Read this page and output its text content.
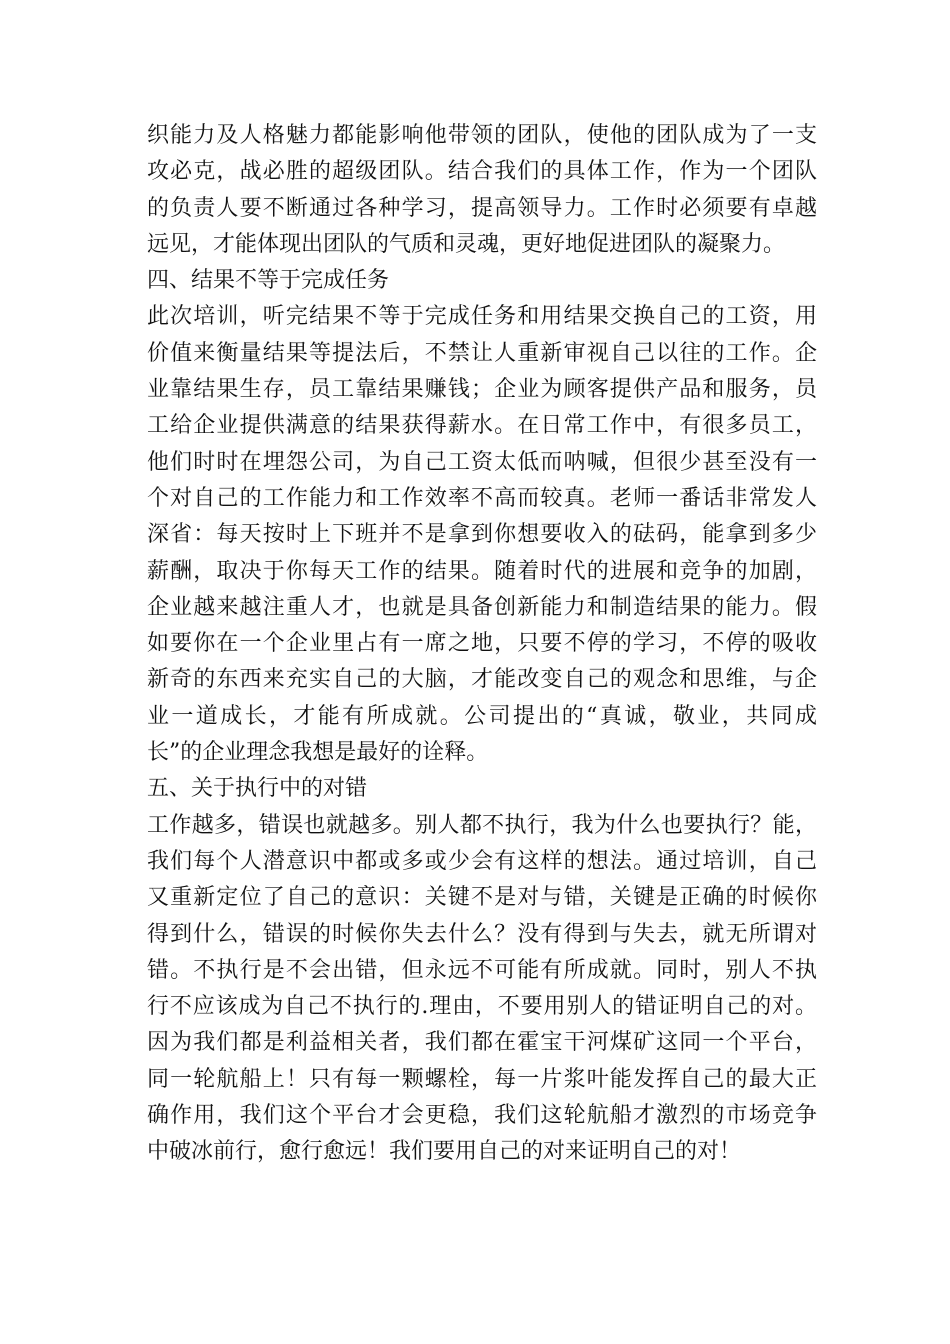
织能力及人格魅力都能影响他带领的团队，使他的团队成为了一支
攻必克，战必胜的超级团队。结合我们的具体工作，作为一个团队
的负责人要不断通过各种学习，提高领导力。工作时必须要有卓越
远见，才能体现出团队的气质和灵魂，更好地促进团队的凝聚力。
四、结果不等于完成任务
此次培训，听完结果不等于完成任务和用结果交换自己的工资，用
价值来衡量结果等提法后，不禁让人重新审视自己以往的工作。企
业靠结果生存，员工靠结果赚钱；企业为顾客提供产品和服务，员
工给企业提供满意的结果获得薪水。在日常工作中，有很多员工，
他们时时在埋怨公司，为自己工资太低而呐喊，但很少甚至没有一
个对自己的工作能力和工作效率不高而较真。老师一番话非常发人
深省：每天按时上下班并不是拿到你想要收入的砝码，能拿到多少
薪酬，取决于你每天工作的结果。随着时代的进展和竞争的加剧，
企业越来越注重人才，也就是具备创新能力和制造结果的能力。假
如要你在一个企业里占有一席之地，只要不停的学习，不停的吸收
新奇的东西来充实自己的大脑，才能改变自己的观念和思维，与企
业一道成长，才能有所成就。公司提出的“真诚，敬业，共同成
长”的企业理念我想是最好的诠释。
五、关于执行中的对错
工作越多，错误也就越多。别人都不执行，我为什么也要执行？能，
我们每个人潜意识中都或多或少会有这样的想法。通过培训，自己
又重新定位了自己的意识：关键不是对与错，关键是正确的时候你
得到什么，错误的时候你失去什么？没有得到与失去，就无所谓对
错。不执行是不会出错，但永远不可能有所成就。同时，别人不执
行不应该成为自己不执行的.理由，不要用别人的错证明自己的对。
因为我们都是利益相关者，我们都在霍宝干河煤矿这同一个平台，
同一轮航船上！只有每一颗螺栓，每一片浆叶能发挥自己的最大正
确作用，我们这个平台才会更稳，我们这轮航船才激烈的市场竞争
中破冰前行，愈行愈远！我们要用自己的对来证明自己的对！
